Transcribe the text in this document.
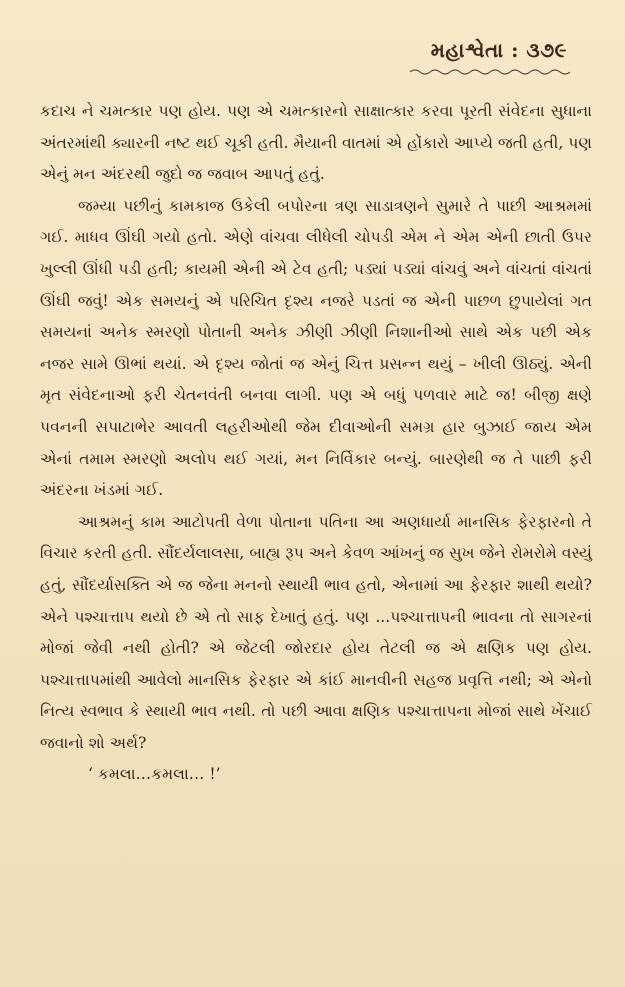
મહાશ્વેતા : ૩૭૯

કદાચ ને ચમત્કાર પણ હોય. પણ એ ચમત્કારનો સાક્ષાત્કાર કરવા પૂરતી સંવેદના સુધાના અંતરમાંથી ક્યારની નષ્ટ થઈ ચૂકી હતી. મૈયાની વાતમાં એ હોંકારો આપ્યે જતી હતી, પણ એનું મન અંદરથી જુદો જ જવાબ આપતું હતું.

જમ્યા પછીનું કામકાજ ઉકેલી બપોરના ત્રણ સાડાત્રણને સુમારે તે પાછી આશ્રમમાં ગઈ. માધવ ઊંઘી ગયો હતો. એણે વાંચવા લીધેલી ચોપડી એમ ને એમ એની છાતી ઉપર ખુલ્લી ઊંધી પડી હતી; કાયમી એની એ ટેવ હતી; પડ્યાં પડ્યાં વાંચવું અને વાંચતાં વાંચતાં ઊંઘી જવું! એક સમયનું એ પરિચિત દૃશ્ય નજરે પડતાં જ એની પાછળ છુપાયેલાં ગત સમયનાં અનેક સ્મરણો પોતાની અનેક ઝીણી ઝીણી નિશાનીઓ સાથે એક પછી એક નજર સામે ઊભાં થયાં. એ દૃશ્ય જોતાં જ એનું ચિત્ત પ્રસન્ન થયું – ખીલી ઊઠ્યું. એની મૃત સંવેદનાઓ ફરી ચેતનવંતી બનવા લાગી. પણ એ બધું પળવાર માટે જ! બીજી ક્ષણે પવનની સપાટાભેર આવતી લહરીઓથી જેમ દીવાઓની સમગ્ર હાર બુઝાઈ જાય એમ એનાં તમામ સ્મરણો અલોપ થઈ ગયાં, મન નિર્વિકાર બન્યું. બારણેથી જ તે પાછી ફરી અંદરના ખંડમાં ગઈ.

આશ્રમનું કામ આટોપતી વેળા પોતાના પતિના આ અણધાર્યા માનસિક ફેરફારનો તે વિચાર કરતી હતી. સૌંદર્યલાલસા, બાહ્ય રૂપ અને કેવળ આંખનું જ સુખ જેને રોમરોમે વસ્યું હતું, સૌંદર્યાસક્તિ એ જ જેના મનનો સ્થાયી ભાવ હતો, એનામાં આ ફેરફાર શાથી થયો? એને પશ્ચાત્તાપ થયો છે એ તો સાફ દેખાતું હતું. પણ ...પશ્ચાત્તાપની ભાવના તો સાગરનાં મોજાં જેવી નથી હોતી? એ જેટલી જોરદાર હોય તેટલી જ એ ક્ષણિક પણ હોય. પશ્ચાત્તાપમાંથી આવેલો માનસિક ફેરફાર એ કાંઈ માનવીની સહજ પ્રવૃત્તિ નથી; એ એનો નિત્ય સ્વભાવ કે સ્થાયી ભાવ નથી. તો પછી આવા ક્ષણિક પશ્ચાત્તાપના મોજાં સાથે ખેંચાઈ જવાનો શો અર્થ?

‘ કમલા…કમલા… !’
